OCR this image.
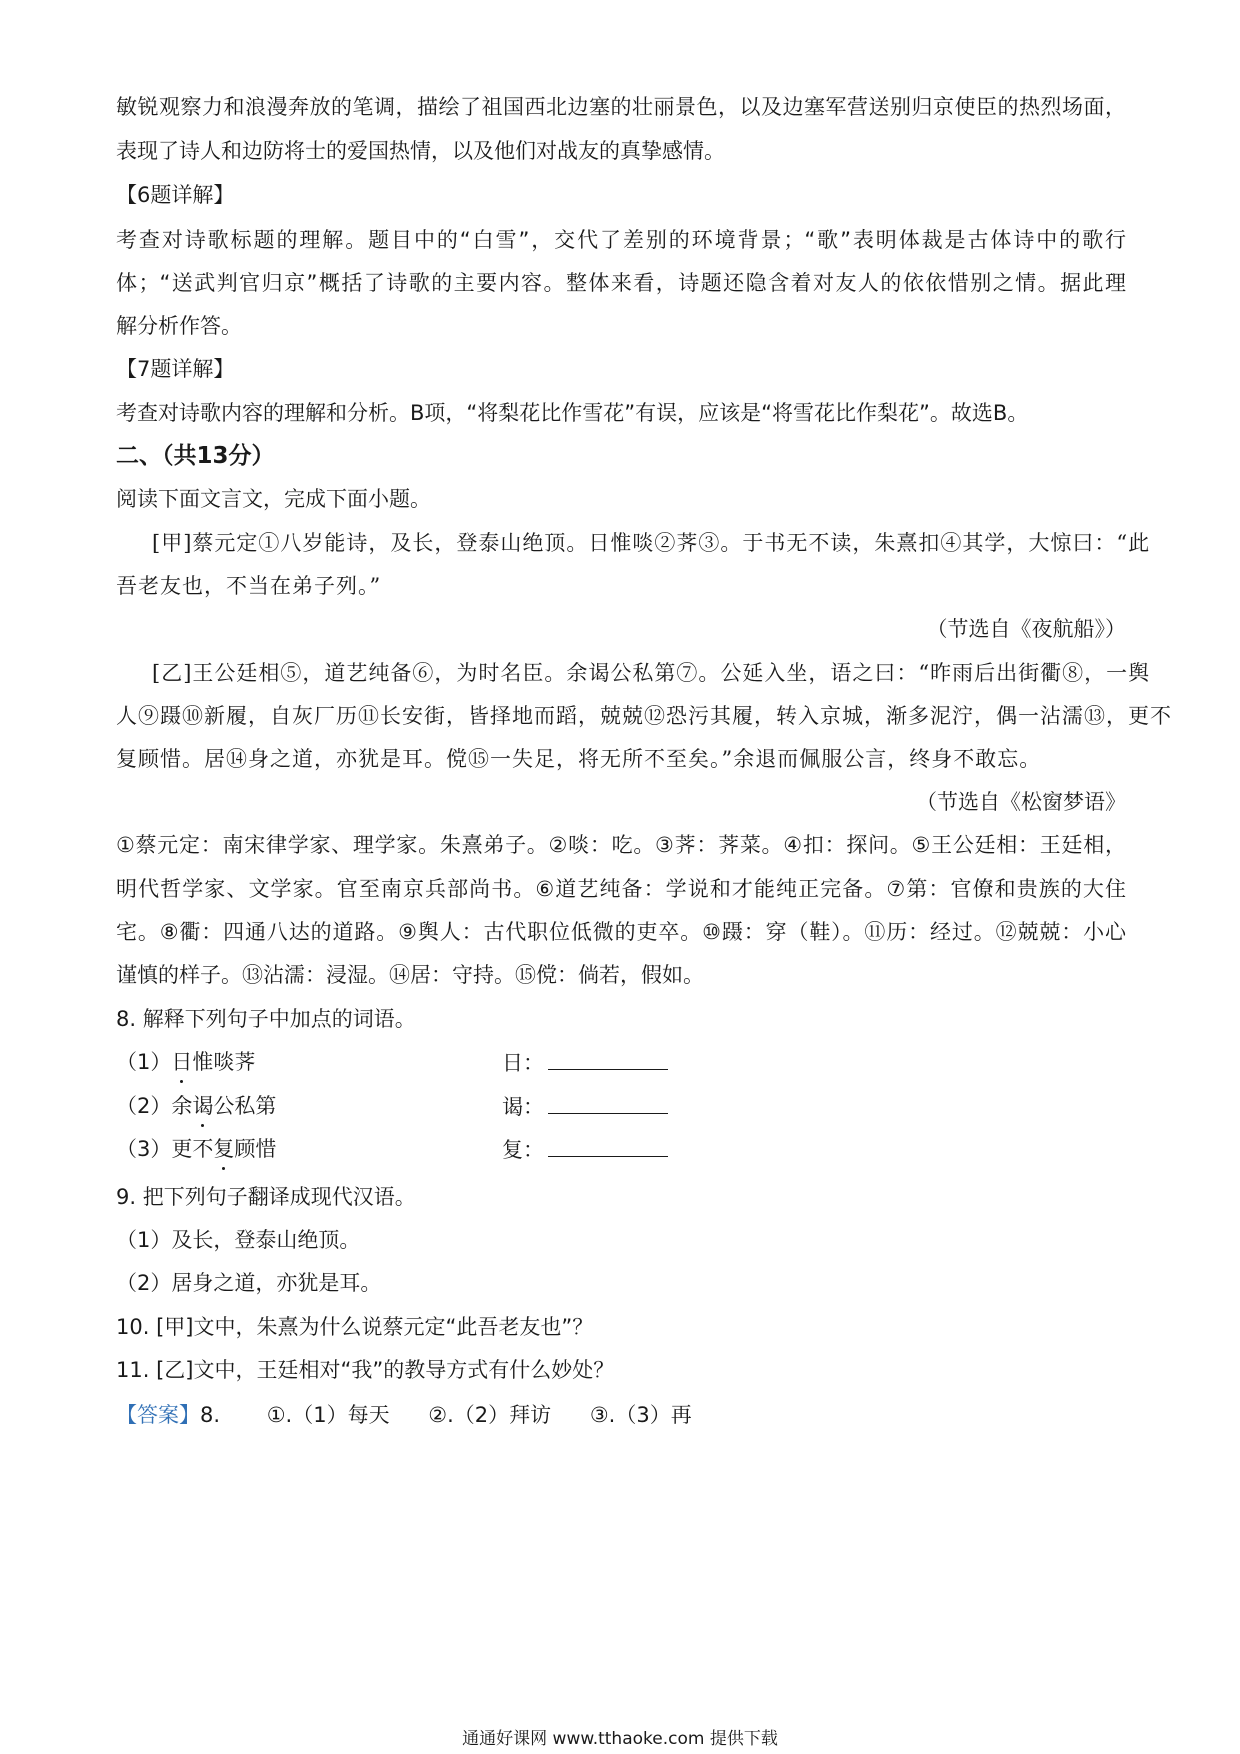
敏锐观察力和浪漫奔放的笔调，描绘了祖国西北边塞的壮丽景色，以及边塞军营送别归京使臣的热烈场面，
表现了诗人和边防将士的爱国热情，以及他们对战友的真挚感情。
【6题详解】
考查对诗歌标题的理解。题目中的“白雪”，交代了差别的环境背景；“歌”表明体裁是古体诗中的歌行
体；“送武判官归京”概括了诗歌的主要内容。整体来看，诗题还隐含着对友人的依依惜别之情。据此理
解分析作答。
【7题详解】
考查对诗歌内容的理解和分析。B项，“将梨花比作雪花”有误，应该是“将雪花比作梨花”。故选B。
二、（共13分）
阅读下面文言文，完成下面小题。
[甲]蔡元定①八岁能诗，及长，登泰山绝顶。日惟啖②荠③。于书无不读，朱熹扣④其学，大惊曰：“此
吾老友也，不当在弟子列。”
（节选自《夜航船》）
[乙]王公廷相⑤，道艺纯备⑥，为时名臣。余谒公私第⑦。公延入坐，语之曰：“昨雨后出街衢⑧，一舆
人⑨蹑⑩新履，自灰厂历⑪长安街，皆择地而蹈，兢兢⑫恐污其履，转入京城，渐多泥泞，偶一沾濡⑬，更不
复顾惜。居⑭身之道，亦犹是耳。傥⑮一失足，将无所不至矣。”余退而佩服公言，终身不敢忘。
（节选自《松窗梦语》
①蔡元定：南宋律学家、理学家。朱熹弟子。②啖：吃。③荠：荠菜。④扣：探问。⑤王公廷相：王廷相，
明代哲学家、文学家。官至南京兵部尚书。⑥道艺纯备：学说和才能纯正完备。⑦第：官僚和贵族的大住
宅。⑧衢：四通八达的道路。⑨舆人：古代职位低微的吏卒。⑩蹑：穿（鞋）。⑪历：经过。⑫兢兢：小心
谨慎的样子。⑬沾濡：浸湿。⑭居：守持。⑮傥：倘若，假如。
8. 解释下列句子中加点的词语。
（1）日惟啖荠	日：
（2）余谒公私第	谒：
（3）更不复顾惜	复：
9. 把下列句子翻译成现代汉语。
（1）及长，登泰山绝顶。
（2）居身之道，亦犹是耳。
10. [甲]文中，朱熹为什么说蔡元定“此吾老友也”？
11. [乙]文中，王廷相对“我”的教导方式有什么妙处？
【答案】8. ①.（1）每天 ②.（2）拜访 ③.（3）再
通通好课网 www.tthaoke.com 提供下载
